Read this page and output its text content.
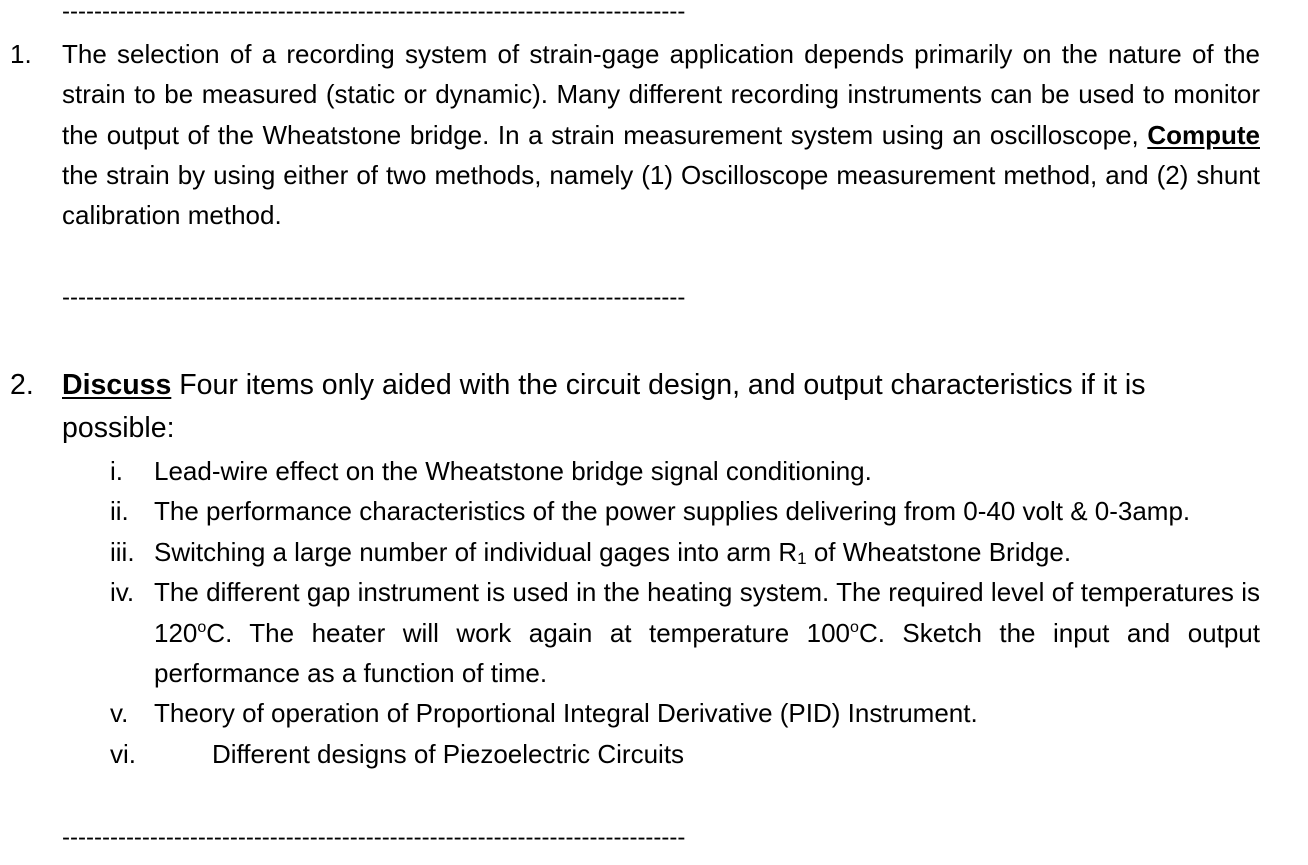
------------------------------------------------------------------------------
1. The selection of a recording system of strain-gage application depends primarily on the nature of the strain to be measured (static or dynamic). Many different recording instruments can be used to monitor the output of the Wheatstone bridge. In a strain measurement system using an oscilloscope, Compute the strain by using either of two methods, namely (1) Oscilloscope measurement method, and (2) shunt calibration method.
------------------------------------------------------------------------------
2. Discuss Four items only aided with the circuit design, and output characteristics if it is possible:
i. Lead-wire effect on the Wheatstone bridge signal conditioning.
ii. The performance characteristics of the power supplies delivering from 0-40 volt & 0-3amp.
iii. Switching a large number of individual gages into arm $R_1$ of Wheatstone Bridge.
iv. The different gap instrument is used in the heating system. The required level of temperatures is 120$^o$C. The heater will work again at temperature 100$^o$C. Sketch the input and output performance as a function of time.
v. Theory of operation of Proportional Integral Derivative (PID) Instrument.
vi.	Different designs of Piezoelectric Circuits
------------------------------------------------------------------------------
